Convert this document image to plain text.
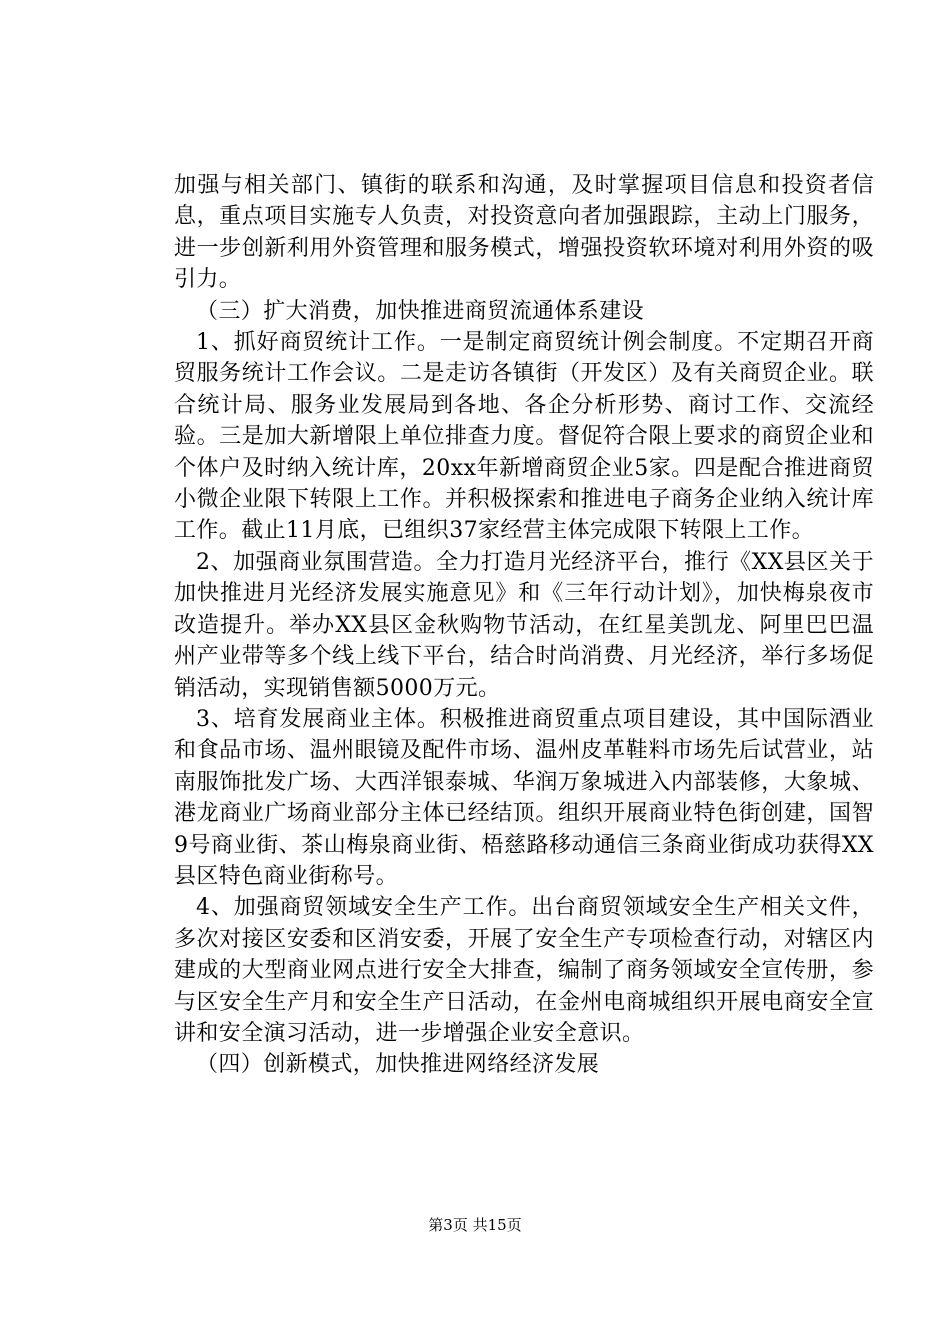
加强与相关部门、镇街的联系和沟通，及时掌握项目信息和投资者信息，重点项目实施专人负责，对投资意向者加强跟踪，主动上门服务，进一步创新利用外资管理和服务模式，增强投资软环境对利用外资的吸引力。

（三）扩大消费，加快推进商贸流通体系建设

1、抓好商贸统计工作。一是制定商贸统计例会制度。不定期召开商贸服务统计工作会议。二是走访各镇街（开发区）及有关商贸企业。联合统计局、服务业发展局到各地、各企分析形势、商讨工作、交流经验。三是加大新增限上单位排查力度。督促符合限上要求的商贸企业和个体户及时纳入统计库，20xx年新增商贸企业5家。四是配合推进商贸小微企业限下转限上工作。并积极探索和推进电子商务企业纳入统计库工作。截止11月底，已组织37家经营主体完成限下转限上工作。

2、加强商业氛围营造。全力打造月光经济平台，推行《XX县区关于加快推进月光经济发展实施意见》和《三年行动计划》，加快梅泉夜市改造提升。举办XX县区金秋购物节活动，在红星美凯龙、阿里巴巴温州产业带等多个线上线下平台，结合时尚消费、月光经济，举行多场促销活动，实现销售额5000万元。

3、培育发展商业主体。积极推进商贸重点项目建设，其中国际酒业和食品市场、温州眼镜及配件市场、温州皮革鞋料市场先后试营业，站南服饰批发广场、大西洋银泰城、华润万象城进入内部装修，大象城、港龙商业广场商业部分主体已经结顶。组织开展商业特色街创建，国智9号商业街、茶山梅泉商业街、梧慈路移动通信三条商业街成功获得XX县区特色商业街称号。

4、加强商贸领域安全生产工作。出台商贸领域安全生产相关文件，多次对接区安委和区消安委，开展了安全生产专项检查行动，对辖区内建成的大型商业网点进行安全大排查，编制了商务领域安全宣传册，参与区安全生产月和安全生产日活动，在金州电商城组织开展电商安全宣讲和安全演习活动，进一步增强企业安全意识。

（四）创新模式，加快推进网络经济发展

第3页 共15页
